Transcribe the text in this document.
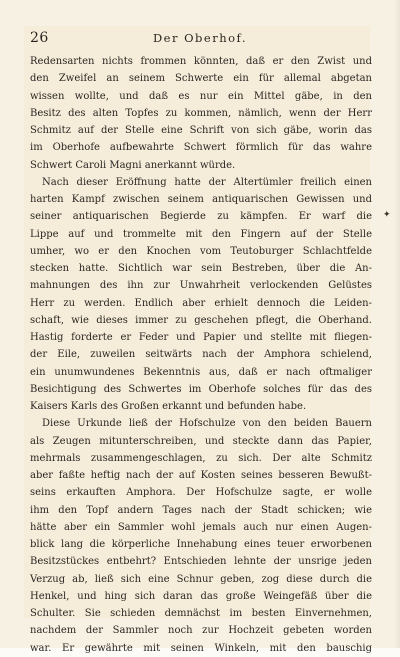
26	Der Oberhof.
Redensarten nichts frommen könnten, daß er den Zwist und
den Zweifel an seinem Schwerte ein für allemal abgetan
wissen wollte, und daß es nur ein Mittel gäbe, in den
Besitz des alten Topfes zu kommen, nämlich, wenn der Herr
Schmitz auf der Stelle eine Schrift von sich gäbe, worin das
im Oberhofe aufbewahrte Schwert förmlich für das wahre
Schwert Caroli Magni anerkannt würde.
Nach dieser Eröffnung hatte der Altertümler freilich einen
harten Kampf zwischen seinem antiquarischen Gewissen und
seiner antiquarischen Begierde zu kämpfen. Er warf die
Lippe auf und trommelte mit den Fingern auf der Stelle
umher, wo er den Knochen vom Teutoburger Schlachtfelde
stecken hatte. Sichtlich war sein Bestreben, über die An-
mahnungen des ihn zur Unwahrheit verlockenden Gelüstes
Herr zu werden. Endlich aber erhielt dennoch die Leiden-
schaft, wie dieses immer zu geschehen pflegt, die Oberhand.
Hastig forderte er Feder und Papier und stellte mit fliegen-
der Eile, zuweilen seitwärts nach der Amphora schielend,
ein unumwundenes Bekenntnis aus, daß er nach oftmaliger
Besichtigung des Schwertes im Oberhofe solches für das des
Kaisers Karls des Großen erkannt und befunden habe.
Diese Urkunde ließ der Hofschulze von den beiden Bauern
als Zeugen mitunterschreiben, und steckte dann das Papier,
mehrmals zusammengeschlagen, zu sich. Der alte Schmitz
aber faßte heftig nach der auf Kosten seines besseren Bewußt-
seins erkauften Amphora. Der Hofschulze sagte, er wolle
ihm den Topf andern Tages nach der Stadt schicken; wie
hätte aber ein Sammler wohl jemals auch nur einen Augen-
blick lang die körperliche Innehabung eines teuer erworbenen
Besitzstückes entbehrt? Entschieden lehnte der unsrige jeden
Verzug ab, ließ sich eine Schnur geben, zog diese durch die
Henkel, und hing sich daran das große Weingefäß über die
Schulter. Sie schieden demnächst im besten Einvernehmen,
nachdem der Sammler noch zur Hochzeit gebeten worden
war. Er gewährte mit seinen Winkeln, mit den bauschig
✦
